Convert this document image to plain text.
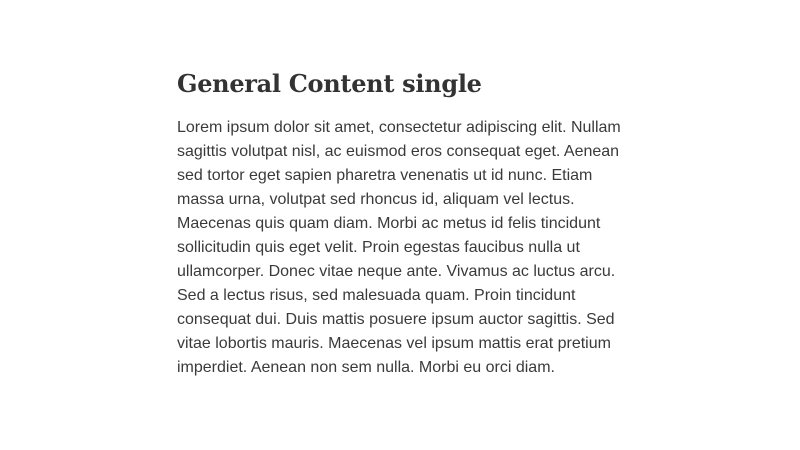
General Content single

Lorem ipsum dolor sit amet, consectetur adipiscing elit. Nullam sagittis volutpat nisl, ac euismod eros consequat eget. Aenean sed tortor eget sapien pharetra venenatis ut id nunc. Etiam massa urna, volutpat sed rhoncus id, aliquam vel lectus. Maecenas quis quam diam. Morbi ac metus id felis tincidunt sollicitudin quis eget velit. Proin egestas faucibus nulla ut ullamcorper. Donec vitae neque ante. Vivamus ac luctus arcu. Sed a lectus risus, sed malesuada quam. Proin tincidunt consequat dui. Duis mattis posuere ipsum auctor sagittis. Sed vitae lobortis mauris. Maecenas vel ipsum mattis erat pretium imperdiet. Aenean non sem nulla. Morbi eu orci diam.
